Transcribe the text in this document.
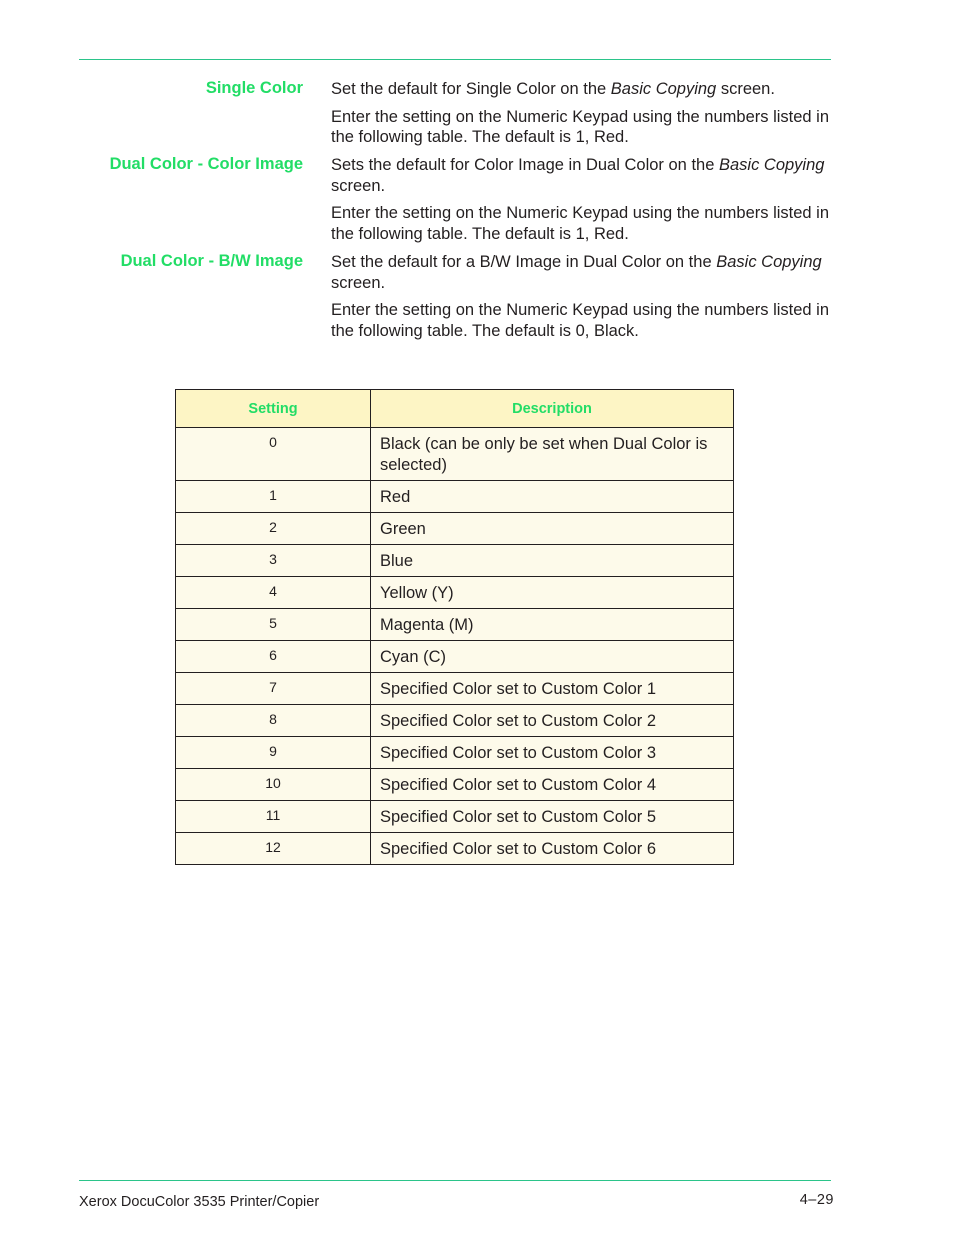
Single Color Set the default for Single Color on the Basic Copying screen.

Enter the setting on the Numeric Keypad using the numbers listed in the following table. The default is 1, Red.

Dual Color - Color Image Sets the default for Color Image in Dual Color on the Basic Copying screen.

Enter the setting on the Numeric Keypad using the numbers listed in the following table. The default is 1, Red.

Dual Color - B/W Image Set the default for a B/W Image in Dual Color on the Basic Copying screen.

Enter the setting on the Numeric Keypad using the numbers listed in the following table. The default is 0, Black.

Setting	Description
0	Black (can be only be set when Dual Color is selected)
1	Red
2	Green
3	Blue
4	Yellow (Y)
5	Magenta (M)
6	Cyan (C)
7	Specified Color set to Custom Color 1
8	Specified Color set to Custom Color 2
9	Specified Color set to Custom Color 3
10	Specified Color set to Custom Color 4
11	Specified Color set to Custom Color 5
12	Specified Color set to Custom Color 6
Xerox DocuColor 3535 Printer/Copier	4–29
